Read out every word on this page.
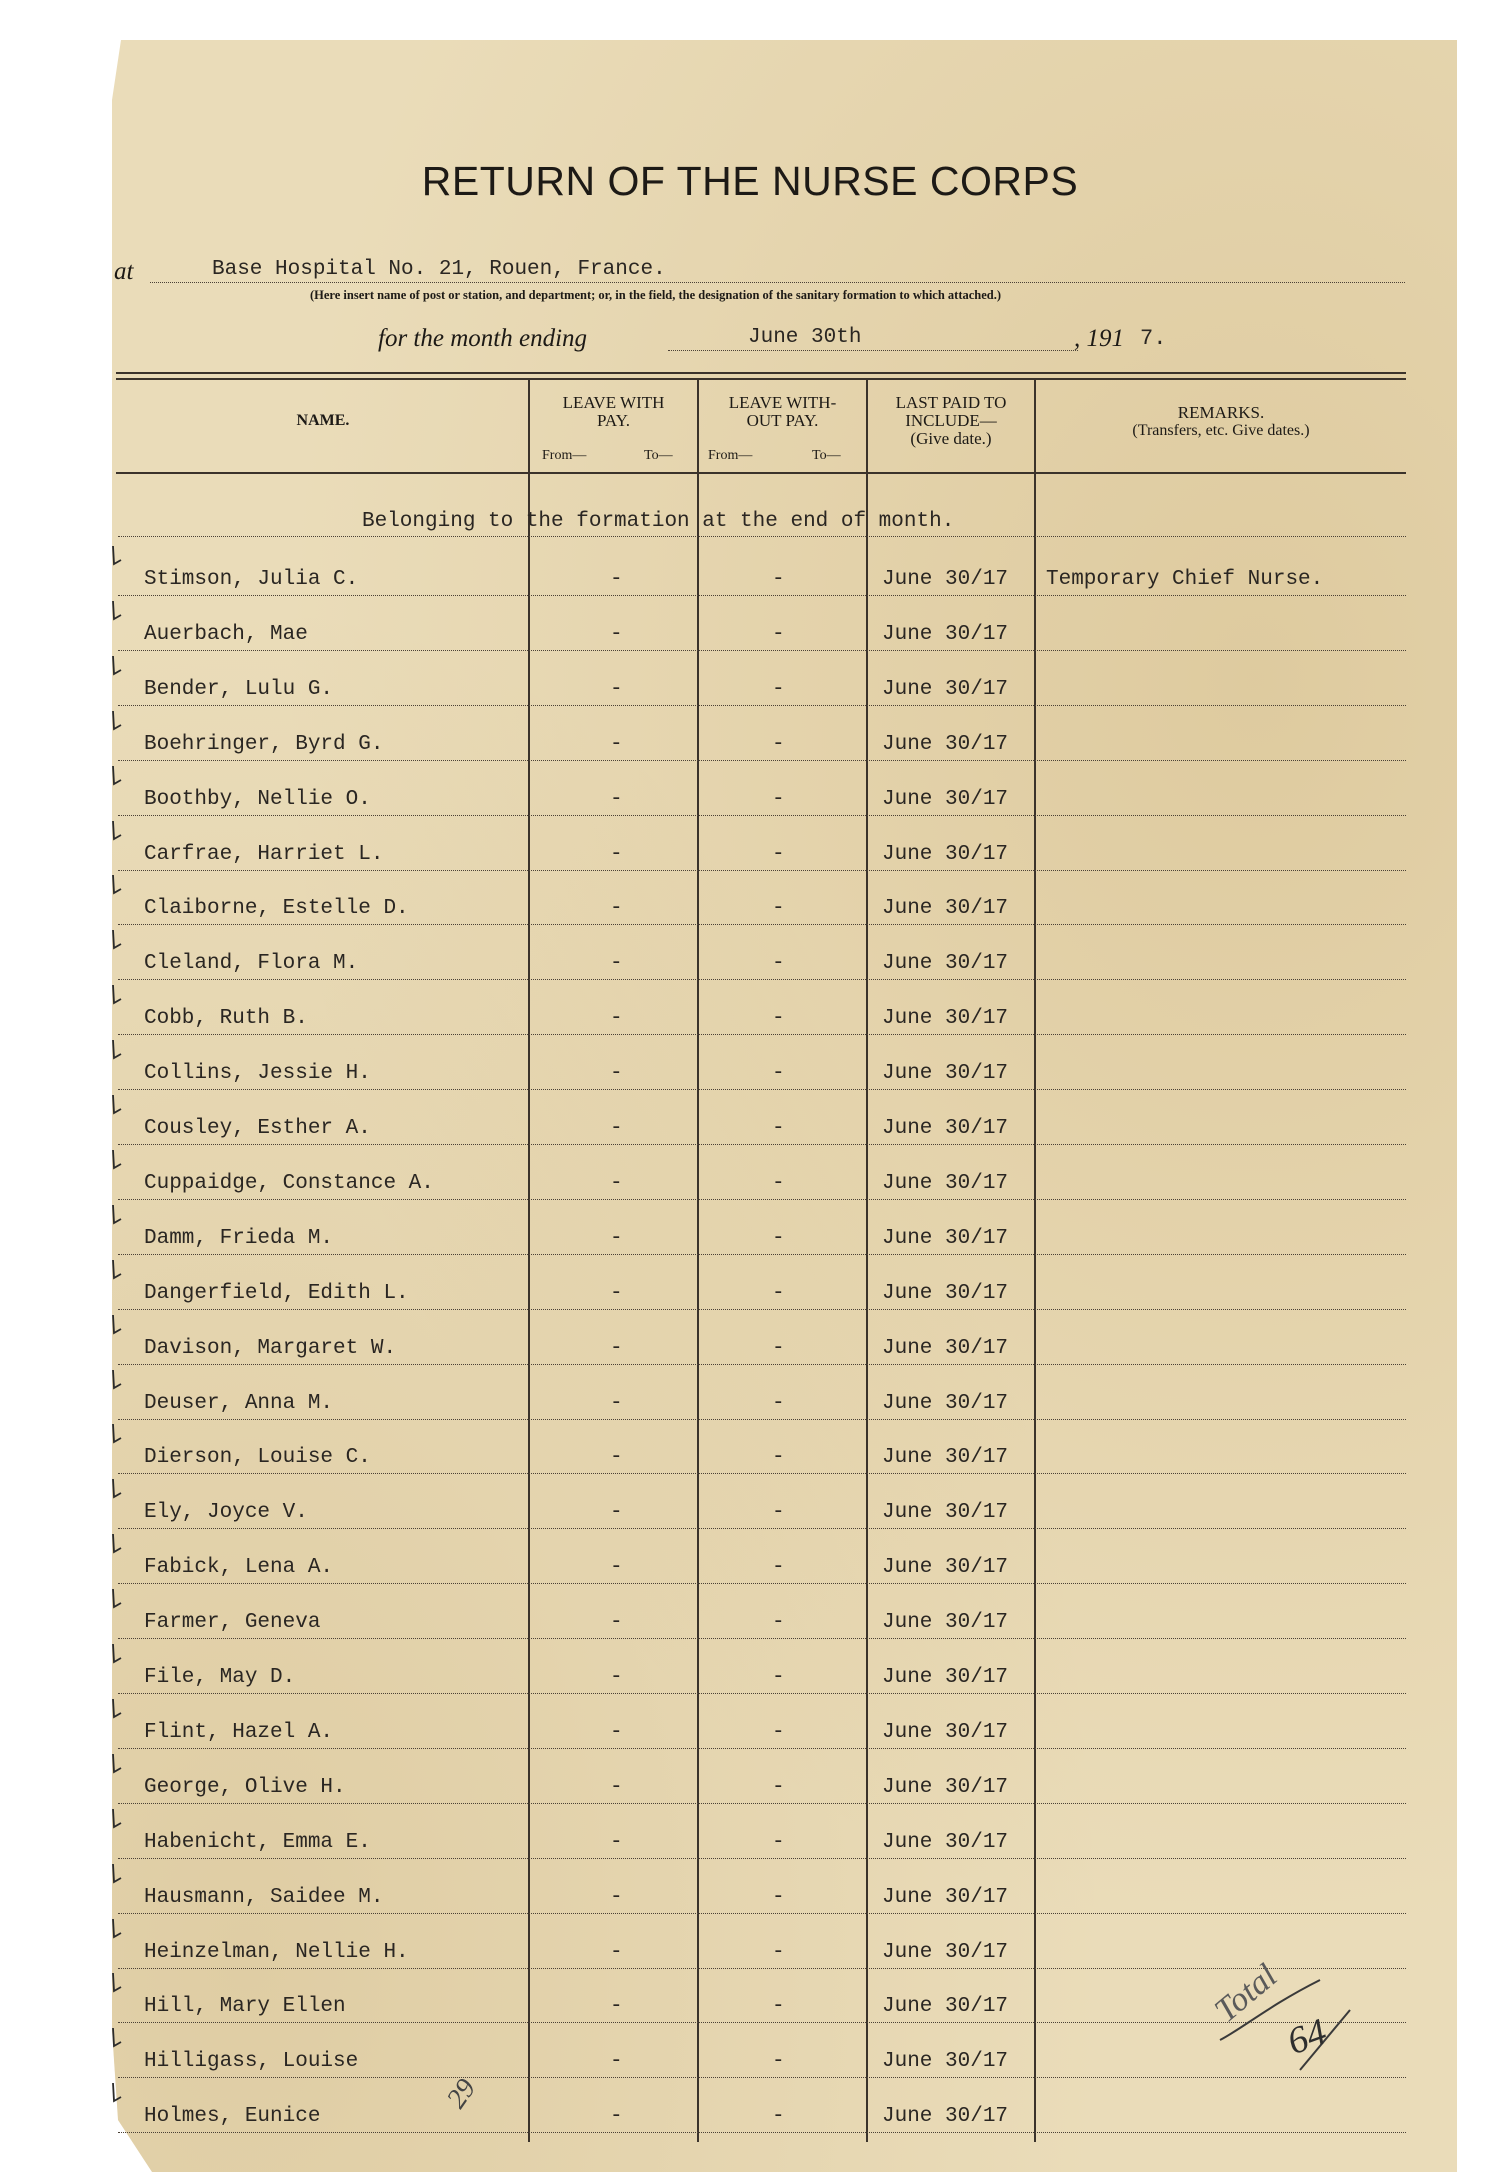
RETURN OF THE NURSE CORPS
at	Base Hospital No. 21, Rouen, France.
(Here insert name of post or station, and department; or, in the field, the designation of the sanitary formation to which attached.)
for the month ending	June 30th	, 191 7.
NAME.
LEAVE WITH
PAY.
From—	To—
LEAVE WITH-
OUT PAY.
From—	To—
LAST PAID TO
INCLUDE—
(Give date.)
REMARKS.
(Transfers, etc. Give dates.)
Belonging to the formation at the end of month.
Stimson, Julia C.	-	-	June 30/17 Temporary Chief Nurse.
Auerbach, Mae	-	-	June 30/17
Bender, Lulu G.	-	-	June 30/17
Boehringer, Byrd G.	-	-	June 30/17
Boothby, Nellie O.	-	-	June 30/17
Carfrae, Harriet L.	-	-	June 30/17
Claiborne, Estelle D.	-	-	June 30/17
Cleland, Flora M.	-	-	June 30/17
Cobb, Ruth B.	-	-	June 30/17
Collins, Jessie H.	-	-	June 30/17
Cousley, Esther A.	-	-	June 30/17
Cuppaidge, Constance A.	-	-	June 30/17
Damm, Frieda M.	-	-	June 30/17
Dangerfield, Edith L.	-	-	June 30/17
Davison, Margaret W.	-	-	June 30/17
Deuser, Anna M.	-	-	June 30/17
Dierson, Louise C.	-	-	June 30/17
Ely, Joyce V.	-	-	June 30/17
Fabick, Lena A.	-	-	June 30/17
Farmer, Geneva	-	-	June 30/17
File, May D.	-	-	June 30/17
Flint, Hazel A.	-	-	June 30/17
George, Olive H.	-	-	June 30/17
Habenicht, Emma E.	-	-	June 30/17
Hausmann, Saidee M.	-	-	June 30/17
Heinzelman, Nellie H.	-	-	June 30/17
Hill, Mary Ellen	-	-	June 30/17
Hilligass, Louise	-	-	June 30/17
Holmes, Eunice	-	-	June 30/17
Total
64
29
